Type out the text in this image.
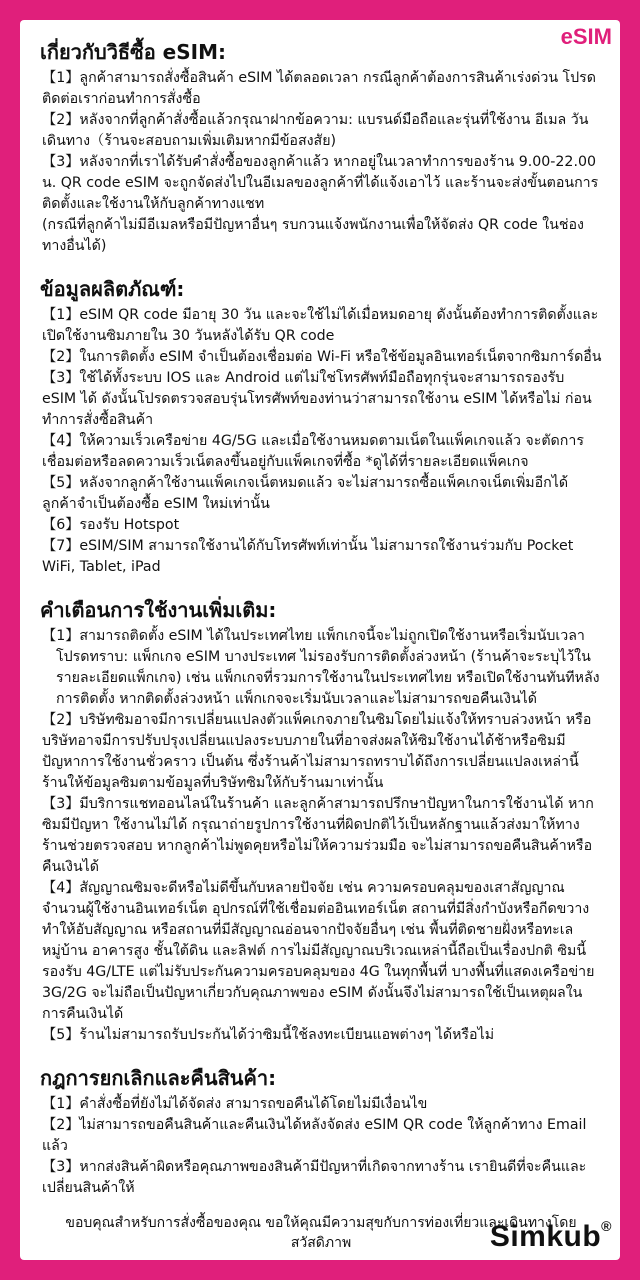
eSIM
เกี่ยวกับวิธีซื้อ eSIM:

【1】ลูกค้าสามารถสั่งซื้อสินค้า eSIM ได้ตลอดเวลา กรณีลูกค้าต้องการสินค้าเร่งด่วน โปรดติดต่อเราก่อนทำการสั่งซื้อ

【2】หลังจากที่ลูกค้าสั่งซื้อแล้วกรุณาฝากข้อความ: แบรนด์มือถือและรุ่นที่ใช้งาน อีเมล วันเดินทาง（ร้านจะสอบถามเพิ่มเติมหากมีข้อสงสัย)

【3】หลังจากที่เราได้รับคำสั่งซื้อของลูกค้าแล้ว หากอยู่ในเวลาทำการของร้าน 9.00-22.00 น. QR code eSIM จะถูกจัดส่งไปในอีเมลของลูกค้าที่ได้แจ้งเอาไว้ และร้านจะส่งขั้นตอนการติดตั้งและใช้งานให้กับลูกค้าทางแชท

(กรณีที่ลูกค้าไม่มีอีเมลหรือมีปัญหาอื่นๆ รบกวนแจ้งพนักงานเพื่อให้จัดส่ง QR code ในช่องทางอื่นได้)

ข้อมูลผลิตภัณฑ์:

【1】eSIM QR code มีอายุ 30 วัน และจะใช้ไม่ได้เมื่อหมดอายุ ดังนั้นต้องทำการติดตั้งและเปิดใช้งานซิมภายใน 30 วันหลังได้รับ QR code

【2】ในการติดตั้ง eSIM จำเป็นต้องเชื่อมต่อ Wi-Fi หรือใช้ข้อมูลอินเทอร์เน็ตจากซิมการ์ดอื่น

【3】ใช้ได้ทั้งระบบ IOS และ Android แต่ไม่ใช่โทรศัพท์มือถือทุกรุ่นจะสามารถรองรับ eSIM ได้ ดังนั้นโปรดตรวจสอบรุ่นโทรศัพท์ของท่านว่าสามารถใช้งาน eSIM ได้หรือไม่ ก่อนทำการสั่งซื้อสินค้า

【4】ให้ความเร็วเครือข่าย 4G/5G และเมื่อใช้งานหมดตามเน็ตในแพ็คเกจแล้ว จะตัดการเชื่อมต่อหรือลดความเร็วเน็ตลงขึ้นอยู่กับแพ็คเกจที่ซื้อ *ดูได้ที่รายละเอียดแพ็คเกจ

【5】หลังจากลูกค้าใช้งานแพ็คเกจเน็ตหมดแล้ว จะไม่สามารถซื้อแพ็คเกจเน็ตเพิ่มอีกได้ ลูกค้าจำเป็นต้องซื้อ eSIM ใหม่เท่านั้น

【6】รองรับ Hotspot

【7】eSIM/SIM สามารถใช้งานได้กับโทรศัพท์เท่านั้น ไม่สามารถใช้งานร่วมกับ Pocket WiFi, Tablet, iPad

คำเตือนการใช้งานเพิ่มเติม:

【1】สามารถติดตั้ง eSIM ได้ในประเทศไทย แพ็กเกจนี้จะไม่ถูกเปิดใช้งานหรือเริ่มนับเวลา

โปรดทราบ: แพ็กเกจ eSIM บางประเทศ ไม่รองรับการติดตั้งล่วงหน้า (ร้านค้าจะระบุไว้ในรายละเอียดแพ็กเกจ) เช่น แพ็กเกจที่รวมการใช้งานในประเทศไทย หรือเปิดใช้งานทันทีหลังการติดตั้ง หากติดตั้งล่วงหน้า แพ็กเกจจะเริ่มนับเวลาและไม่สามารถขอคืนเงินได้

【2】บริษัทซิมอาจมีการเปลี่ยนแปลงตัวแพ็คเกจภายในซิมโดยไม่แจ้งให้ทราบล่วงหน้า หรือบริษัทอาจมีการปรับปรุงเปลี่ยนแปลงระบบภายในที่อาจส่งผลให้ซิมใช้งานได้ช้าหรือซิมมีปัญหาการใช้งานชั่วคราว เป็นต้น ซึ่งร้านค้าไม่สามารถทราบได้ถึงการเปลี่ยนแปลงเหล่านี้ ร้านให้ข้อมูลซิมตามข้อมูลที่บริษัทซิมให้กับร้านมาเท่านั้น

【3】มีบริการแชทออนไลน์ในร้านค้า และลูกค้าสามารถปรึกษาปัญหาในการใช้งานได้ หากซิมมีปัญหา ใช้งานไม่ได้ กรุณาถ่ายรูปการใช้งานที่ผิดปกติไว้เป็นหลักฐานแล้วส่งมาให้ทางร้านช่วยตรวจสอบ หากลูกค้าไม่พูดคุยหรือไม่ให้ความร่วมมือ จะไม่สามารถขอคืนสินค้าหรือคืนเงินได้

【4】สัญญาณซิมจะดีหรือไม่ดีขึ้นกับหลายปัจจัย เช่น ความครอบคลุมของเสาสัญญาณ จำนวนผู้ใช้งานอินเทอร์เน็ต อุปกรณ์ที่ใช้เชื่อมต่ออินเทอร์เน็ต สถานที่มีสิ่งกำบังหรือกีดขวางทำให้อับสัญญาณ หรือสถานที่มีสัญญาณอ่อนจากปัจจัยอื่นๆ เช่น พื้นที่ติดชายฝั่งหรือทะเล หมู่บ้าน อาคารสูง ชั้นใต้ดิน และลิฟต์ การไม่มีสัญญาณบริเวณเหล่านี้ถือเป็นเรื่องปกติ ซิมนี้รองรับ 4G/LTE แต่ไม่รับประกันความครอบคลุมของ 4G ในทุกพื้นที่ บางพื้นที่แสดงเครือข่าย 3G/2G จะไม่ถือเป็นปัญหาเกี่ยวกับคุณภาพของ eSIM ดังนั้นจึงไม่สามารถใช้เป็นเหตุผลในการคืนเงินได้

【5】ร้านไม่สามารถรับประกันได้ว่าซิมนี้ใช้ลงทะเบียนแอพต่างๆ ได้หรือไม่

กฎการยกเลิกและคืนสินค้า:

【1】คำสั่งซื้อที่ยังไม่ได้จัดส่ง สามารถขอคืนได้โดยไม่มีเงื่อนไข

【2】ไม่สามารถขอคืนสินค้าและคืนเงินได้หลังจัดส่ง eSIM QR code ให้ลูกค้าทาง Email แล้ว

【3】หากส่งสินค้าผิดหรือคุณภาพของสินค้ามีปัญหาที่เกิดจากทางร้าน เรายินดีที่จะคืนและเปลี่ยนสินค้าให้

ขอบคุณสำหรับการสั่งซื้อของคุณ ขอให้คุณมีความสุขกับการท่องเที่ยวและเดินทางโดยสวัสดิภาพ	Simkub®
